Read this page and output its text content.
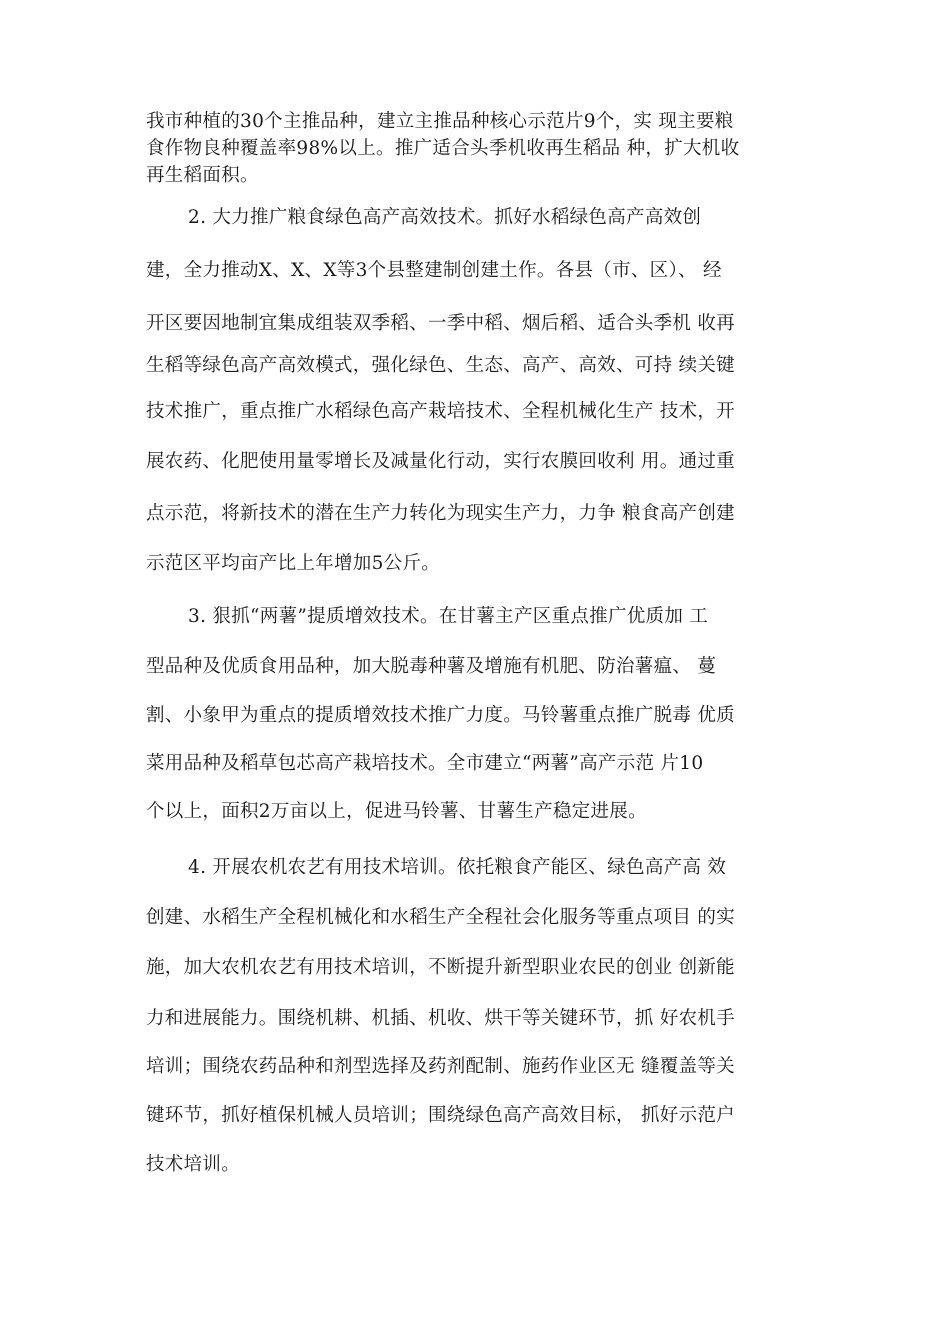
我市种植的30个主推品种，建立主推品种核心示范片9个，实 现主要粮
食作物良种覆盖率98%以上。推广适合头季机收再生稻品 种，扩大机收
再生稻面积。
2. 大力推广粮食绿色高产高效技术。抓好水稻绿色高产高效创
建，全力推动X、X、X等3个县整建制创建土作。各县（市、区）、 经
开区要因地制宜集成组装双季稻、一季中稻、烟后稻、适合头季机 收再
生稻等绿色高产高效模式，强化绿色、生态、高产、高效、可持 续关键
技术推广，重点推广水稻绿色高产栽培技术、全程机械化生产 技术，开
展农药、化肥使用量零增长及减量化行动，实行农膜回收利 用。通过重
点示范，将新技术的潜在生产力转化为现实生产力，力争 粮食高产创建
示范区平均亩产比上年增加5公斤。
3. 狠抓“两薯”提质增效技术。在甘薯主产区重点推广优质加 工
型品种及优质食用品种，加大脱毒种薯及增施有机肥、防治薯瘟、 蔓
割、小象甲为重点的提质增效技术推广力度。马铃薯重点推广脱毒 优质
菜用品种及稻草包芯高产栽培技术。全市建立“两薯”高产示范 片10
个以上，面积2万亩以上，促进马铃薯、甘薯生产稳定进展。
4. 开展农机农艺有用技术培训。依托粮食产能区、绿色高产高 效
创建、水稻生产全程机械化和水稻生产全程社会化服务等重点项目 的实
施，加大农机农艺有用技术培训，不断提升新型职业农民的创业 创新能
力和进展能力。围绕机耕、机插、机收、烘干等关键环节，抓 好农机手
培训；围绕农药品种和剂型选择及药剂配制、施药作业区无 缝覆盖等关
键环节，抓好植保机械人员培训；围绕绿色高产高效目标， 抓好示范户
技术培训。
